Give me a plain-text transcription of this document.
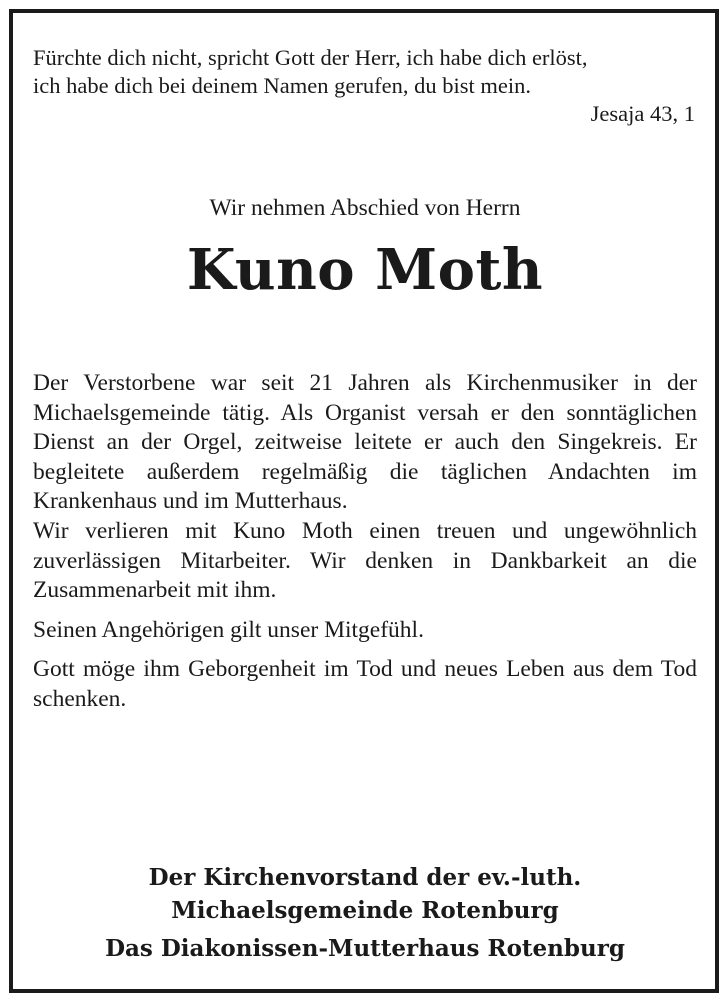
Fürchte dich nicht, spricht Gott der Herr, ich habe dich erlöst,
ich habe dich bei deinem Namen gerufen, du bist mein.
Jesaja 43, 1
Wir nehmen Abschied von Herrn
Kuno Moth

Der Verstorbene war seit 21 Jahren als Kirchenmusiker in der Michaelsgemeinde tätig. Als Organist versah er den sonntäglichen Dienst an der Orgel, zeitweise leitete er auch den Singekreis. Er begleitete außerdem regelmäßig die täglichen Andachten im Krankenhaus und im Mutterhaus.

Wir verlieren mit Kuno Moth einen treuen und ungewöhnlich zuverlässigen Mitarbeiter. Wir denken in Dankbarkeit an die Zusammenarbeit mit ihm.

Seinen Angehörigen gilt unser Mitgefühl.

Gott möge ihm Geborgenheit im Tod und neues Leben aus dem Tod schenken.

Der Kirchenvorstand der ev.-luth.
Michaelsgemeinde Rotenburg
Das Diakonissen-Mutterhaus Rotenburg
